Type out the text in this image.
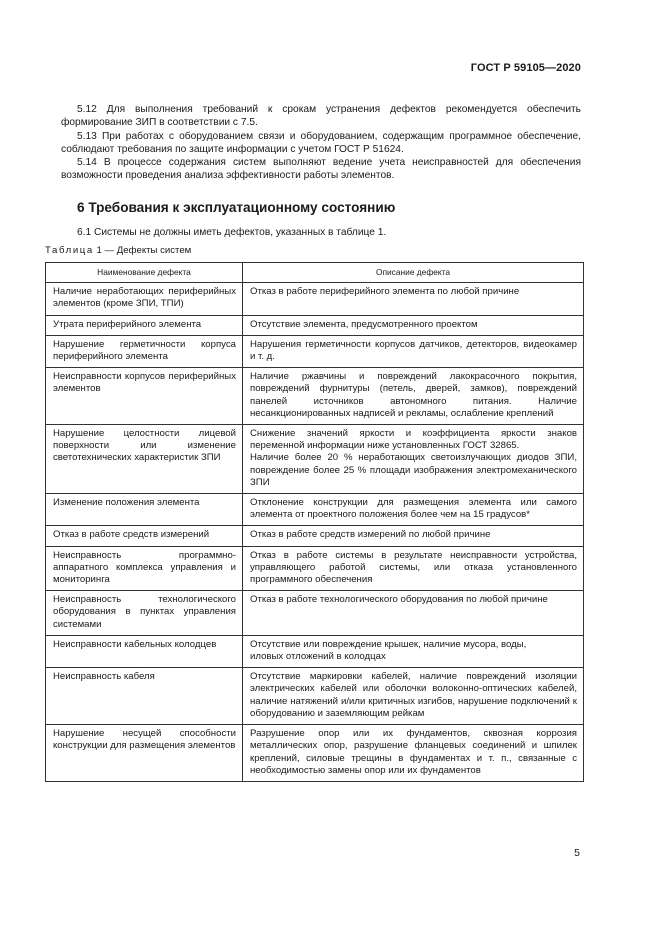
ГОСТ Р 59105—2020

5.12 Для выполнения требований к срокам устранения дефектов рекомендуется обеспечить формирование ЗИП в соответствии с 7.5.

5.13 При работах с оборудованием связи и оборудованием, содержащим программное обеспечение, соблюдают требования по защите информации с учетом ГОСТ Р 51624.

5.14 В процессе содержания систем выполняют ведение учета неисправностей для обеспечения возможности проведения анализа эффективности работы элементов.

6 Требования к эксплуатационному состоянию
6.1 Системы не должны иметь дефектов, указанных в таблице 1.
Таблица 1 — Дефекты систем
Наименование дефекта	Описание дефекта
Наличие неработающих периферийных элементов (кроме ЗПИ, ТПИ)	Отказ в работе периферийного элемента по любой причине

Утрата периферийного элемента	Отсутствие элемента, предусмотренного проектом

Нарушение герметичности корпуса периферийного элемента	Нарушения герметичности корпусов датчиков, детекторов, видеокамер и т. д.

Неисправности корпусов периферийных элементов	Наличие ржавчины и повреждений лакокрасочного покрытия, повреждений фурнитуры (петель, дверей, замков), повреждений панелей источников автономного питания. Наличие несанкционированных надписей и рекламы, ослабление креплений

Нарушение целостности лицевой поверхности или изменение светотехнических характеристик ЗПИ	Снижение значений яркости и коэффициента яркости знаков переменной информации ниже установленных ГОСТ 32865.
Наличие более 20 % неработающих светоизлучающих диодов ЗПИ, повреждение более 25 % площади изображения электромеханического ЗПИ

Изменение положения элемента	Отклонение конструкции для размещения элемента или самого элемента от проектного положения более чем на 15 градусов*

Отказ в работе средств измерений	Отказ в работе средств измерений по любой причине

Неисправность программно-аппаратного комплекса управления и мониторинга	Отказ в работе системы в результате неисправности устройства, управляющего работой системы, или отказа установленного программного обеспечения

Неисправность технологического оборудования в пунктах управления системами	Отказ в работе технологического оборудования по любой причине

Неисправности кабельных колодцев	Отсутствие или повреждение крышек, наличие мусора, воды,
иловых отложений в колодцах

Неисправность кабеля	Отсутствие маркировки кабелей, наличие повреждений изоляции электрических кабелей или оболочки волоконно-оптических кабелей, наличие натяжений и/или критичных изгибов, нарушение подключений к оборудованию и заземляющим рейкам

Нарушение несущей способности конструкции для размещения элементов	Разрушение опор или их фундаментов, сквозная коррозия металлических опор, разрушение фланцевых соединений и шпилек креплений, силовые трещины в фундаментах и т. п., связанные с необходимостью замены опор или их фундаментов
5
